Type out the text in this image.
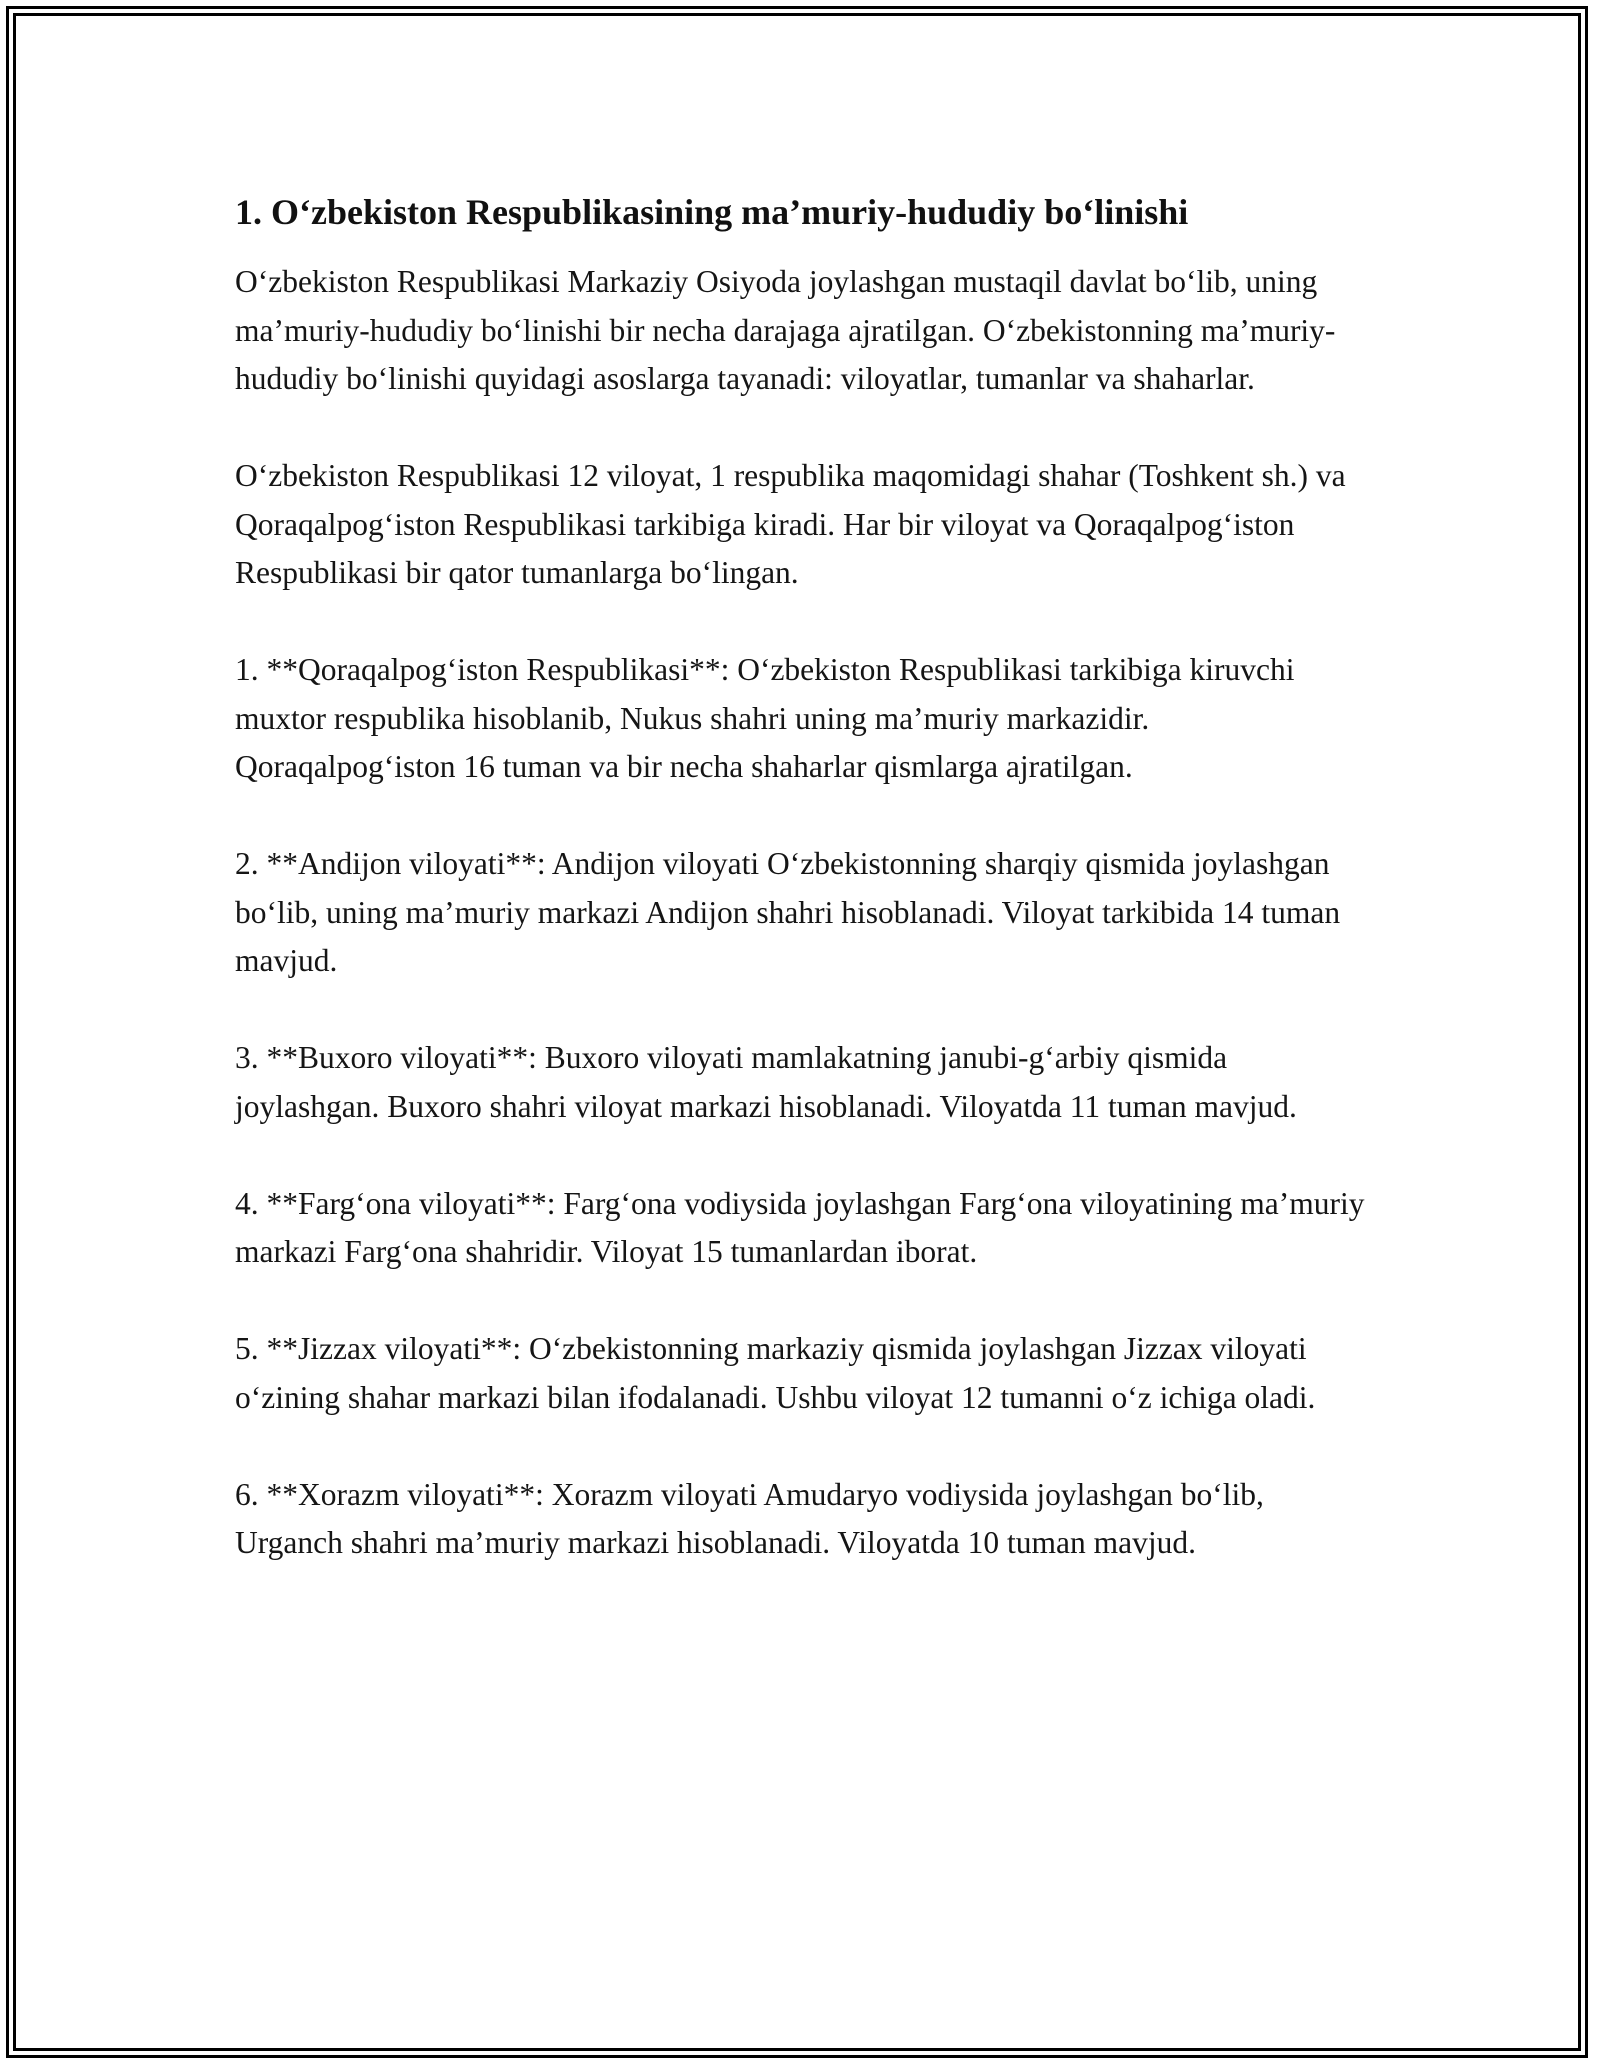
1. O‘zbekiston Respublikasining ma’muriy-hududiy bo‘linishi

O‘zbekiston Respublikasi Markaziy Osiyoda joylashgan mustaqil davlat bo‘lib, uning ma’muriy-hududiy bo‘linishi bir necha darajaga ajratilgan. O‘zbekistonning ma’muriy-hududiy bo‘linishi quyidagi asoslarga tayanadi: viloyatlar, tumanlar va shaharlar.

O‘zbekiston Respublikasi 12 viloyat, 1 respublika maqomidagi shahar (Toshkent sh.) va Qoraqalpog‘iston Respublikasi tarkibiga kiradi. Har bir viloyat va Qoraqalpog‘iston Respublikasi bir qator tumanlarga bo‘lingan.

1. **Qoraqalpog‘iston Respublikasi**: O‘zbekiston Respublikasi tarkibiga kiruvchi muxtor respublika hisoblanib, Nukus shahri uning ma’muriy markazidir. Qoraqalpog‘iston 16 tuman va bir necha shaharlar qismlarga ajratilgan.

2. **Andijon viloyati**: Andijon viloyati O‘zbekistonning sharqiy qismida joylashgan bo‘lib, uning ma’muriy markazi Andijon shahri hisoblanadi. Viloyat tarkibida 14 tuman mavjud.

3. **Buxoro viloyati**: Buxoro viloyati mamlakatning janubi-g‘arbiy qismida joylashgan. Buxoro shahri viloyat markazi hisoblanadi. Viloyatda 11 tuman mavjud.

4. **Farg‘ona viloyati**: Farg‘ona vodiysida joylashgan Farg‘ona viloyatining ma’muriy markazi Farg‘ona shahridir. Viloyat 15 tumanlardan iborat.

5. **Jizzax viloyati**: O‘zbekistonning markaziy qismida joylashgan Jizzax viloyati o‘zining shahar markazi bilan ifodalanadi. Ushbu viloyat 12 tumanni o‘z ichiga oladi.

6. **Xorazm viloyati**: Xorazm viloyati Amudaryo vodiysida joylashgan bo‘lib, Urganch shahri ma’muriy markazi hisoblanadi. Viloyatda 10 tuman mavjud.
